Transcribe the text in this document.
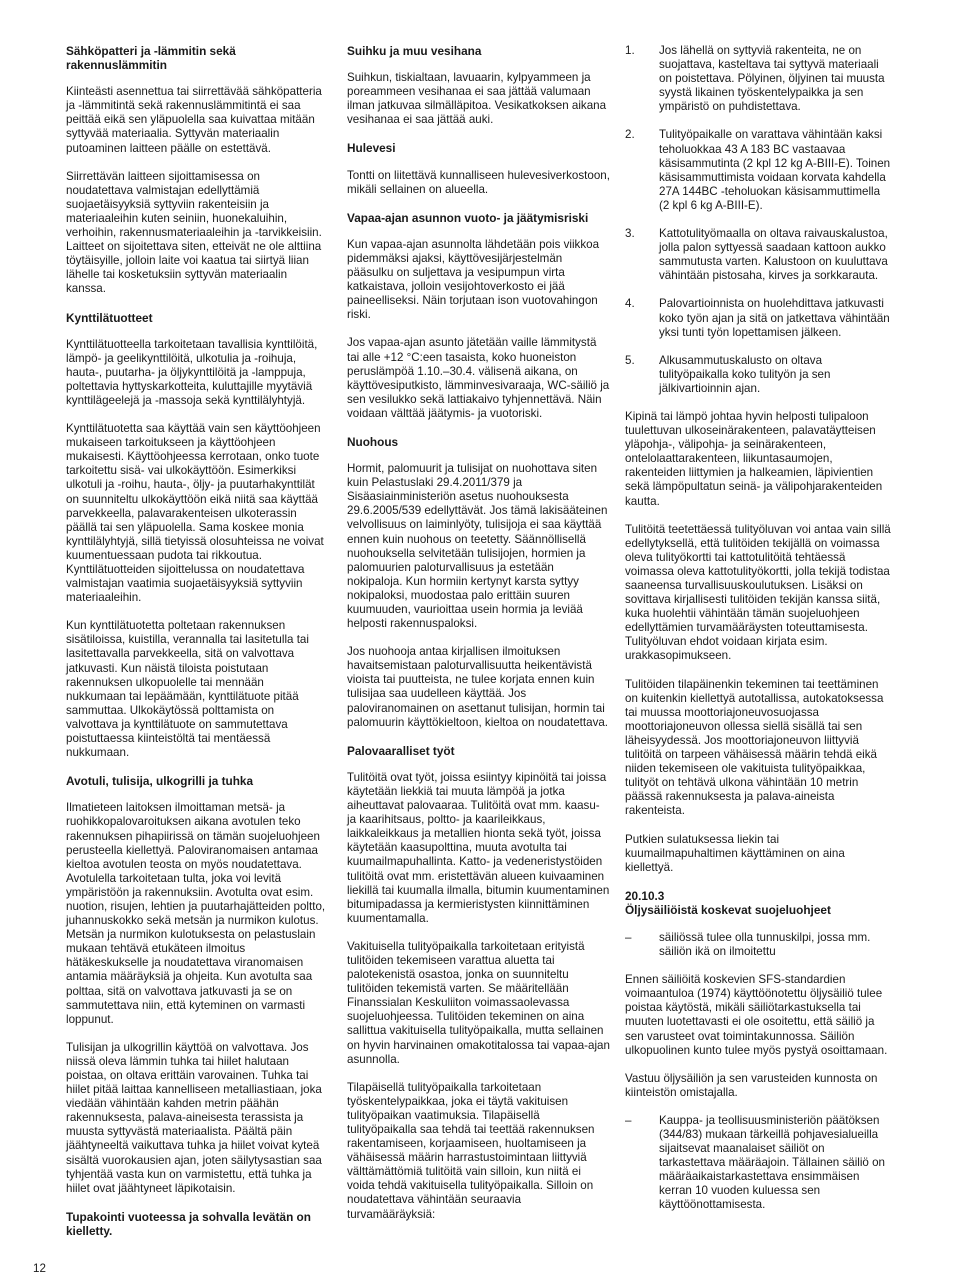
Sähköpatteri ja -lämmitin sekä rakennuslämmitin

Kiinteästi asennettua tai siirrettävää sähköpatteria ja -lämmitintä sekä rakennuslämmitintä ei saa peittää eikä sen yläpuolella saa kuivattaa mitään syttyvää materiaalia. Syttyvän materiaalin putoaminen laitteen päälle on estettävä.

Siirrettävän laitteen sijoittamisessa on noudatettava valmistajan edellyttämiä suojaetäisyyksiä syttyviin rakenteisiin ja materiaaleihin kuten seiniin, huonekaluihin, verhoihin, rakennusmateriaaleihin ja -tarvikkeisiin. Laitteet on sijoitettava siten, etteivät ne ole alttiina töytäisyille, jolloin laite voi kaatua tai siirtyä liian lähelle tai kosketuksiin syttyvän materiaalin kanssa.

Kynttilätuotteet

Kynttilätuotteella tarkoitetaan tavallisia kynttilöitä, lämpö- ja geelikynttilöitä, ulkotulia ja -roihuja, hauta-, puutarha- ja öljykynttilöitä ja -lamppuja, poltettavia hyttyskarkotteita, kuluttajille myytäviä kynttilägeelejä ja -massoja sekä kynttilälyhtyjä.

Kynttilätuotetta saa käyttää vain sen käyttöohjeen mukaiseen tarkoitukseen ja käyttöohjeen mukaisesti. Käyttöohjeessa kerrotaan, onko tuote tarkoitettu sisä- vai ulkokäyttöön. Esimerkiksi ulkotuli ja -roihu, hauta-, öljy- ja puutarhakynttilät on suunniteltu ulkokäyttöön eikä niitä saa käyttää parvekkeella, palavarakenteisen ulkoterassin päällä tai sen yläpuolella. Sama koskee monia kynttilälyhtyjä, sillä tietyissä olosuhteissa ne voivat kuumentuessaan pudota tai rikkoutua. Kynttilätuotteiden sijoittelussa on noudatettava valmistajan vaatimia suojaetäisyyksiä syttyviin materiaaleihin.

Kun kynttilätuotetta poltetaan rakennuksen sisätiloissa, kuistilla, verannalla tai lasitetulla tai lasitettavalla parvekkeella, sitä on valvottava jatkuvasti. Kun näistä tiloista poistutaan rakennuksen ulkopuolelle tai mennään nukkumaan tai lepäämään, kynttilätuote pitää sammuttaa. Ulkokäytössä polttamista on valvottava ja kynttilätuote on sammutettava poistuttaessa kiinteistöltä tai mentäessä nukkumaan.

Avotuli, tulisija, ulkogrilli ja tuhka

Ilmatieteen laitoksen ilmoittaman metsä- ja ruohikkopalovaroituksen aikana avotulen teko rakennuksen pihapiirissä on tämän suojeluohjeen perusteella kiellettyä. Paloviranomaisen antamaa kieltoa avotulen teosta on myös noudatettava. Avotulella tarkoitetaan tulta, joka voi levitä ympäristöön ja rakennuksiin. Avotulta ovat esim. nuotion, risujen, lehtien ja puutarhajätteiden poltto, juhannuskokko sekä metsän ja nurmikon kulotus. Metsän ja nurmikon kulotuksesta on pelastuslain mukaan tehtävä etukäteen ilmoitus hätäkeskukselle ja noudatettava viranomaisen antamia määräyksiä ja ohjeita. Kun avotulta saa polttaa, sitä on valvottava jatkuvasti ja se on sammutettava niin, että kyteminen on varmasti loppunut.

Tulisijan ja ulkogrillin käyttöä on valvottava. Jos niissä oleva lämmin tuhka tai hiilet halutaan poistaa, on oltava erittäin varovainen. Tuhka tai hiilet pitää laittaa kannelliseen metalliastiaan, joka viedään vähintään kahden metrin päähän rakennuksesta, palava-aineisesta terassista ja muusta syttyvästä materiaalista. Päältä päin jäähtyneeltä vaikuttava tuhka ja hiilet voivat kyteä sisältä vuorokausien ajan, joten säilytysastian saa tyhjentää vasta kun on varmistettu, että tuhka ja hiilet ovat jäähtyneet läpikotaisin.

Tupakointi vuoteessa ja sohvalla levätän on kielletty.
Suihku ja muu vesihana

Suihkun, tiskialtaan, lavuaarin, kylpyammeen ja poreammeen vesihanaa ei saa jättää valumaan ilman jatkuvaa silmälläpitoa. Vesikatkoksen aikana vesihanaa ei saa jättää auki.

Hulevesi

Tontti on liitettävä kunnalliseen hulevesiverkostoon, mikäli sellainen on alueella.

Vapaa-ajan asunnon vuoto- ja jäätymisriski

Kun vapaa-ajan asunnolta lähdetään pois viikkoa pidemmäksi ajaksi, käyttövesijärjestelmän pääsulku on suljettava ja vesipumpun virta katkaistava, jolloin vesijohtoverkosto ei jää paineelliseksi. Näin torjutaan ison vuotovahingon riski.

Jos vapaa-ajan asunto jätetään vaille lämmitystä tai alle +12 °C:een tasaista, koko huoneiston peruslämpöä 1.10.–30.4. välisenä aikana, on käyttövesiputkisto, lämminvesivaraaja, WC-säiliö ja sen vesilukko sekä lattiakaivo tyhjennettävä. Näin voidaan välttää jäätymis- ja vuotoriski.

Nuohous

Hormit, palomuurit ja tulisijat on nuohottava siten kuin Pelastuslaki 29.4.2011/379 ja Sisäasiainministeriön asetus nuohouksesta 29.6.2005/539 edellyttävät. Jos tämä lakisääteinen velvollisuus on laiminlyöty, tulisijoja ei saa käyttää ennen kuin nuohous on teetetty. Säännöllisellä nuohouksella selvitetään tulisijojen, hormien ja palomuurien paloturvallisuus ja estetään nokipaloja. Kun hormiin kertynyt karsta syttyy nokipaloksi, muodostaa palo erittäin suuren kuumuuden, vaurioittaa usein hormia ja leviää helposti rakennuspaloksi.

Jos nuohooja antaa kirjallisen ilmoituksen havaitsemistaan paloturvallisuutta heikentävistä vioista tai puutteista, ne tulee korjata ennen kuin tulisijaa saa uudelleen käyttää. Jos paloviranomainen on asettanut tulisijan, hormin tai palomuurin käyttökieltoon, kieltoa on noudatettava.

Palovaaralliset työt

Tulitöitä ovat työt, joissa esiintyy kipinöitä tai joissa käytetään liekkiä tai muuta lämpöä ja jotka aiheuttavat palovaaraa. Tulitöitä ovat mm. kaasu- ja kaarihitsaus, poltto- ja kaarileikkaus, laikkaleikkaus ja metallien hionta sekä työt, joissa käytetään kaasupolttina, muuta avotulta tai kuumailmapuhallinta. Katto- ja vedeneristystöiden tulitöitä ovat mm. eristettävän alueen kuivaaminen liekillä tai kuumalla ilmalla, bitumin kuumentaminen bitumipadassa ja kermieristysten kiinnittäminen kuumentamalla.

Vakituisella tulityöpaikalla tarkoitetaan erityistä tulitöiden tekemiseen varattua aluetta tai palotekenistä osastoa, jonka on suunniteltu tulitöiden tekemistä varten. Se määritellään Finanssialan Keskuliiton voimassaolevassa suojeluohjeessa. Tulitöiden tekeminen on aina sallittua vakituisella tulityöpaikalla, mutta sellainen on hyvin harvinainen omakotitalossa tai vapaa-ajan asunnolla.

Tilapäisellä tulityöpaikalla tarkoitetaan työskentelypaikkaa, joka ei täytä vakituisen tulityöpaikan vaatimuksia. Tilapäisellä tulityöpaikalla saa tehdä tai teettää rakennuksen rakentamiseen, korjaamiseen, huoltamiseen ja vähäisessä määrin harrastustoimintaan liittyviä välttämättömiä tulitöitä vain silloin, kun niitä ei voida tehdä vakituisella tulityöpaikalla. Silloin on noudatettava vähintään seuraavia turvamääräyksiä:

1.	Jos lähellä on syttyviä rakenteita, ne on suojattava, kasteltava tai syttyvä materiaali on poistettava. Pölyinen, öljyinen tai muusta syystä likainen työskentelypaikka ja sen ympäristö on puhdistettava.
2.	Tulityöpaikalle on varattava vähintään kaksi teholuokkaa 43 A 183 BC vastaavaa käsisammutinta (2 kpl 12 kg A-BIII-E). Toinen käsisammuttimista voidaan korvata kahdella 27A 144BC -teholuokan käsisammuttimella (2 kpl 6 kg A-BIII-E).
3.	Kattotulityömaalla on oltava raivauskalustoa, jolla palon syttyessä saadaan kattoon aukko sammutusta varten. Kalustoon on kuuluttava vähintään pistosaha, kirves ja sorkkarauta.
4.	Palovartioinnista on huolehdittava jatkuvasti koko työn ajan ja sitä on jatkettava vähintään yksi tunti työn lopettamisen jälkeen.
5.	Alkusammutuskalusto on oltava tulityöpaikalla koko tulityön ja sen jälkivartioinnin ajan.

Kipinä tai lämpö johtaa hyvin helposti tulipaloon tuulettuvan ulkoseinärakenteen, palavatäytteisen yläpohja-, välipohja- ja seinärakenteen, ontelolaattarakenteen, liikuntasaumojen, rakenteiden liittymien ja halkeamien, läpivientien sekä lämpöpultatun seinä- ja välipohjarakenteiden kautta.

Tulitöitä teetettäessä tulityöluvan voi antaa vain sillä edellytyksellä, että tulitöiden tekijällä on voimassa oleva tulityökortti tai kattotulitöitä tehtäessä voimassa oleva kattotulityökortti, jolla tekijä todistaa saaneensa turvallisuuskoulutuksen. Lisäksi on sovittava kirjallisesti tulitöiden tekijän kanssa siitä, kuka huolehtii vähintään tämän suojeluohjeen edellyttämien turvamääräysten toteuttamisesta. Tulityöluvan ehdot voidaan kirjata esim. urakkasopimukseen.

Tulitöiden tilapäinenkin tekeminen tai teettäminen on kuitenkin kiellettyä autotallissa, autokatoksessa tai muussa moottoriajoneuvosuojassa moottoriajoneuvon ollessa siellä sisällä tai sen läheisyydessä. Jos moottoriajoneuvon liittyviä tulitöitä on tarpeen vähäisessä määrin tehdä eikä niiden tekemiseen ole vakituista tulityöpaikkaa, tulityöt on tehtävä ulkona vähintään 10 metrin päässä rakennuksesta ja palava-aineista rakenteista.

Putkien sulatuksessa liekin tai kuumailmapuhaltimen käyttäminen on aina kiellettyä.

20.10.3
Öljysäiliöistä koskevat suojeluohjeet
–	säiliössä tulee olla tunnuskilpi, jossa mm. säiliön ikä on ilmoitettu

Ennen säiliöitä koskevien SFS-standardien voimaantuloa (1974) käyttöönotettu öljysäiliö tulee poistaa käytöstä, mikäli säiliötarkastuksella tai muuten luotettavasti ei ole osoitettu, että säiliö ja sen varusteet ovat toimintakunnossa. Säiliön ulkopuolinen kunto tulee myös pystyä osoittamaan.

Vastuu öljysäiliön ja sen varusteiden kunnosta on kiinteistön omistajalla.

–	Kauppa- ja teollisuusministeriön päätöksen (344/83) mukaan tärkeillä pohjavesialueilla sijaitsevat maanalaiset säiliöt on tarkastettava määräajoin. Tällainen säiliö on määräaikaistarkastettava ensimmäisen kerran 10 vuoden kuluessa sen käyttöönottamisesta.
12
